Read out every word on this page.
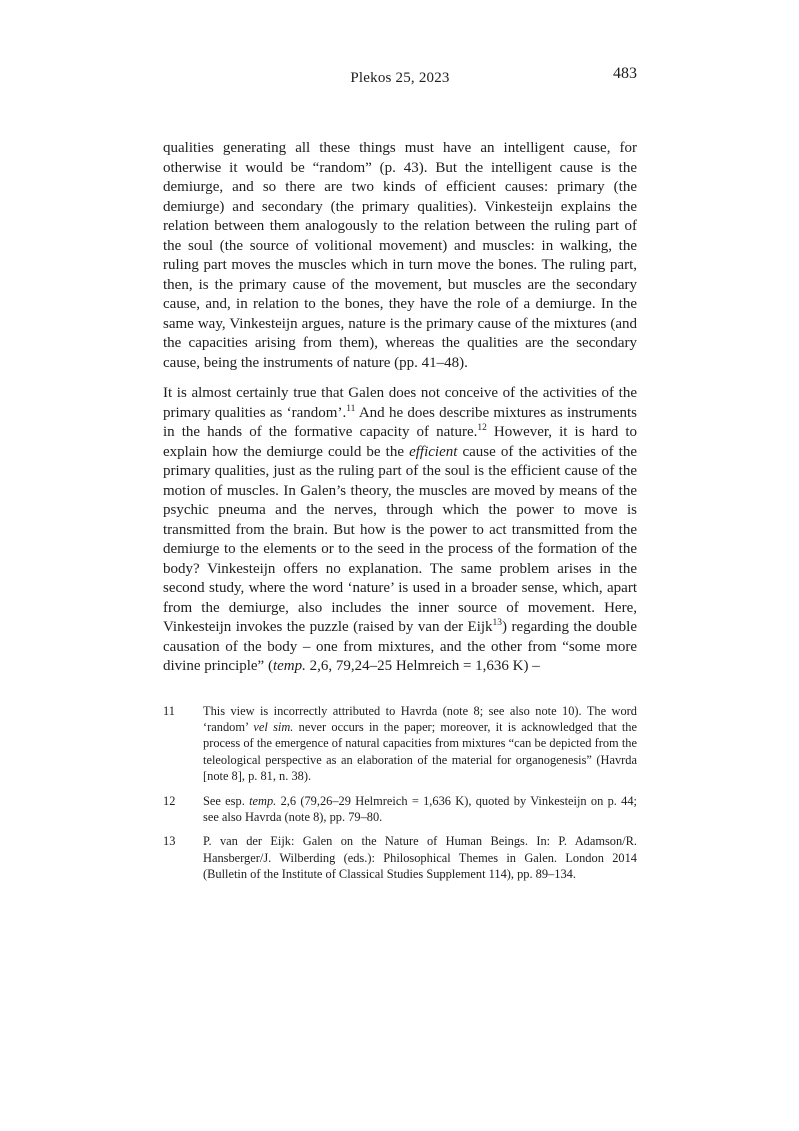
Plekos 25, 2023	483

qualities generating all these things must have an intelligent cause, for otherwise it would be “random” (p. 43). But the intelligent cause is the demiurge, and so there are two kinds of efficient causes: primary (the demiurge) and secondary (the primary qualities). Vinkesteijn explains the relation between them analogously to the relation between the ruling part of the soul (the source of volitional movement) and muscles: in walking, the ruling part moves the muscles which in turn move the bones. The ruling part, then, is the primary cause of the movement, but muscles are the secondary cause, and, in relation to the bones, they have the role of a demiurge. In the same way, Vinkesteijn argues, nature is the primary cause of the mixtures (and the capacities arising from them), whereas the qualities are the secondary cause, being the instruments of nature (pp. 41–48).

It is almost certainly true that Galen does not conceive of the activities of the primary qualities as ‘random’.$^{11}$ And he does describe mixtures as instruments in the hands of the formative capacity of nature.$^{12}$ However, it is hard to explain how the demiurge could be the efficient cause of the activities of the primary qualities, just as the ruling part of the soul is the efficient cause of the motion of muscles. In Galen’s theory, the muscles are moved by means of the psychic pneuma and the nerves, through which the power to move is transmitted from the brain. But how is the power to act transmitted from the demiurge to the elements or to the seed in the process of the formation of the body? Vinkesteijn offers no explanation. The same problem arises in the second study, where the word ‘nature’ is used in a broader sense, which, apart from the demiurge, also includes the inner source of movement. Here, Vinkesteijn invokes the puzzle (raised by van der Eijk$^{13}$) regarding the double causation of the body – one from mixtures, and the other from “some more divine principle” (temp. 2,6, 79,24–25 Helmreich = 1,636 K) –

11	This view is incorrectly attributed to Havrda (note 8; see also note 10). The word ‘random’ vel sim. never occurs in the paper; moreover, it is acknowledged that the process of the emergence of natural capacities from mixtures “can be depicted from the teleological perspective as an elaboration of the material for organogenesis” (Havrda [note 8], p. 81, n. 38).
12	See esp. temp. 2,6 (79,26–29 Helmreich = 1,636 K), quoted by Vinkesteijn on p. 44; see also Havrda (note 8), pp. 79–80.
13	P. van der Eijk: Galen on the Nature of Human Beings. In: P. Adamson/R. Hansberger/J. Wilberding (eds.): Philosophical Themes in Galen. London 2014 (Bulletin of the Institute of Classical Studies Supplement 114), pp. 89–134.
